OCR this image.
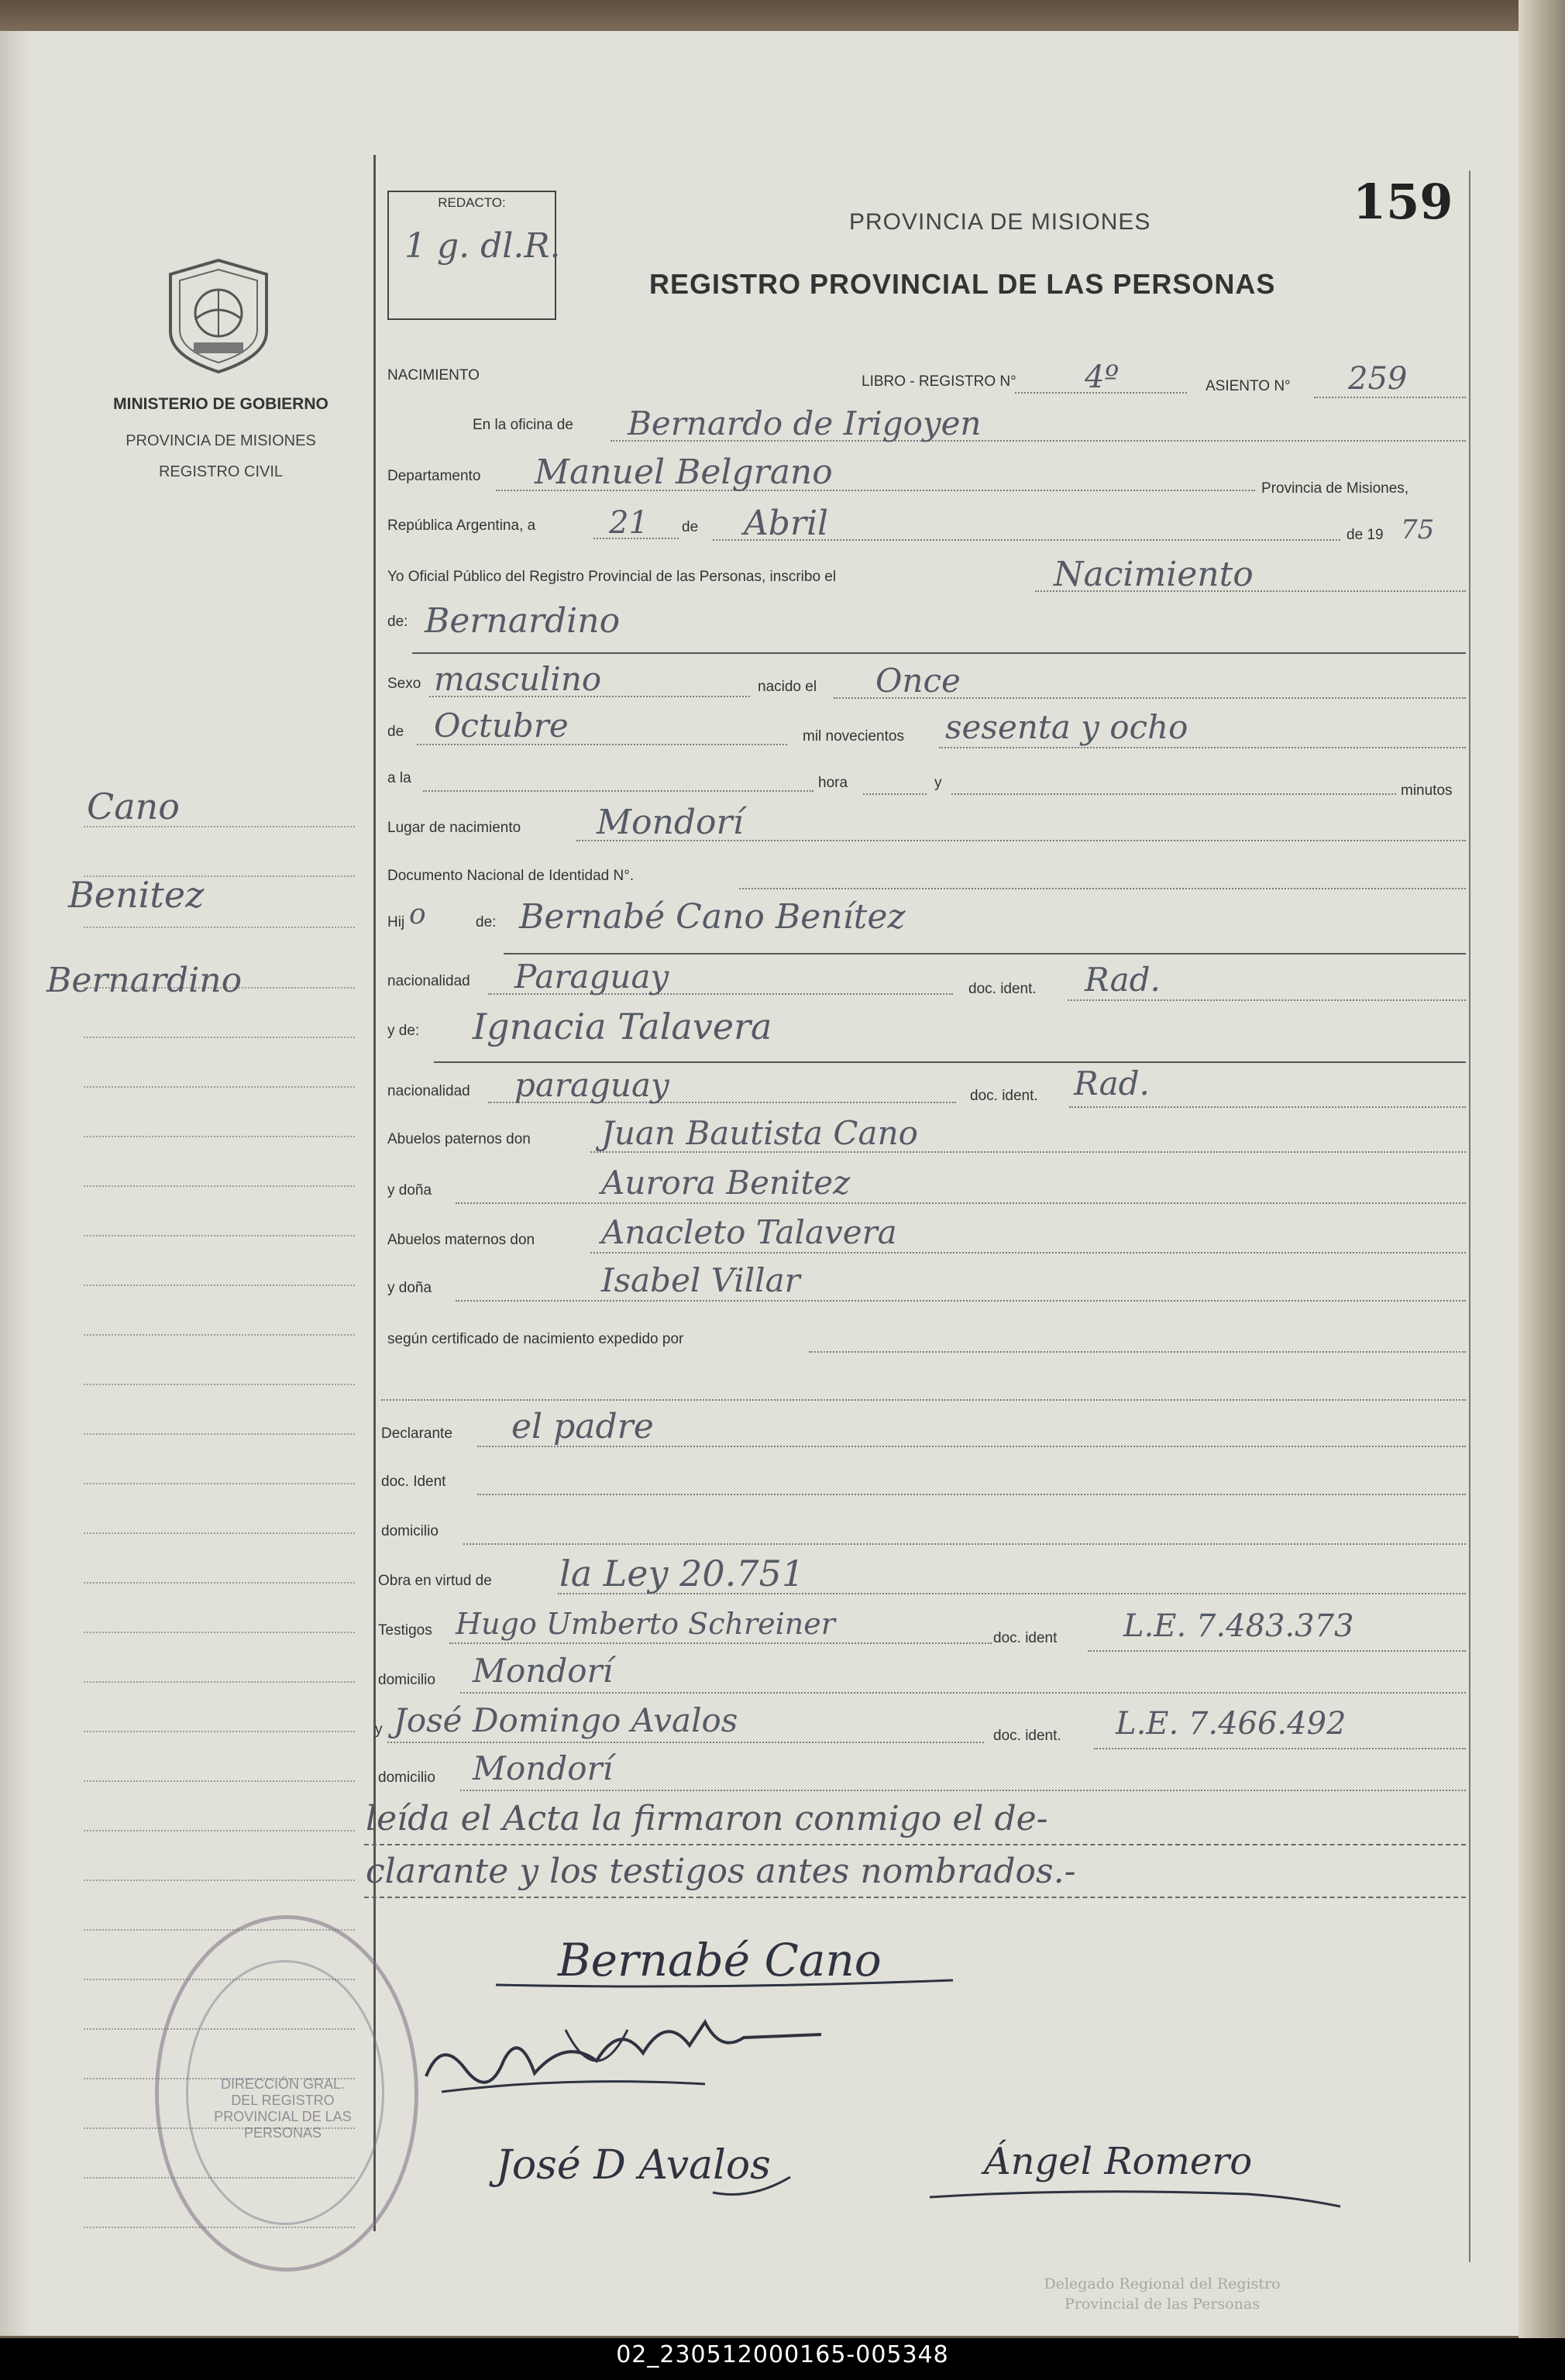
REDACTO:
1 g. dl.R.
159
PROVINCIA DE MISIONES
REGISTRO PROVINCIAL DE LAS PERSONAS
MINISTERIO DE GOBIERNO
PROVINCIA DE MISIONES
REGISTRO CIVIL
Cano
Benitez
Bernardino
NACIMIENTO	LIBRO - REGISTRO N° 4º	ASIENTO N° 259
En la oficina de Bernardo de Irigoyen
Departamento Manuel Belgrano	Provincia de Misiones,
República Argentina, a 21 de Abril	de 19 75
Yo Oficial Público del Registro Provincial de las Personas, inscribo el	Nacimiento
de: Bernardino
Sexo masculino	nacido el Once
de Octubre	mil novecientos sesenta y ocho
a la	hora	y	minutos
Lugar de nacimiento Mondorí
Documento Nacional de Identidad N°.
Hij o	de: Bernabé Cano Benítez
nacionalidad Paraguay	doc. ident. Rad.
y de: Ignacia Talavera
nacionalidad paraguay	doc. ident. Rad.
Abuelos paternos don Juan Bautista Cano
y doña	Aurora Benitez
Abuelos maternos don Anacleto Talavera
y doña	Isabel Villar
según certificado de nacimiento expedido por
Declarante el padre
doc. Ident
domicilio
Obra en virtud de la Ley 20.751
Testigos Hugo Umberto Schreiner	doc. ident L.E. 7.483.373
domicilio Mondorí
y José Domingo Avalos	doc. ident. L.E. 7.466.492
domicilio Mondorí
leída el Acta la firmaron conmigo el de-
clarante y los testigos antes nombrados.-
DIRECCIÓN GRAL. DEL REGISTRO PROVINCIAL DE LAS PERSONAS
Bernabé Cano
José D Avalos	Ángel Romero
Delegado Regional del Registro
Provincial de las Personas
02_230512000165-005348
